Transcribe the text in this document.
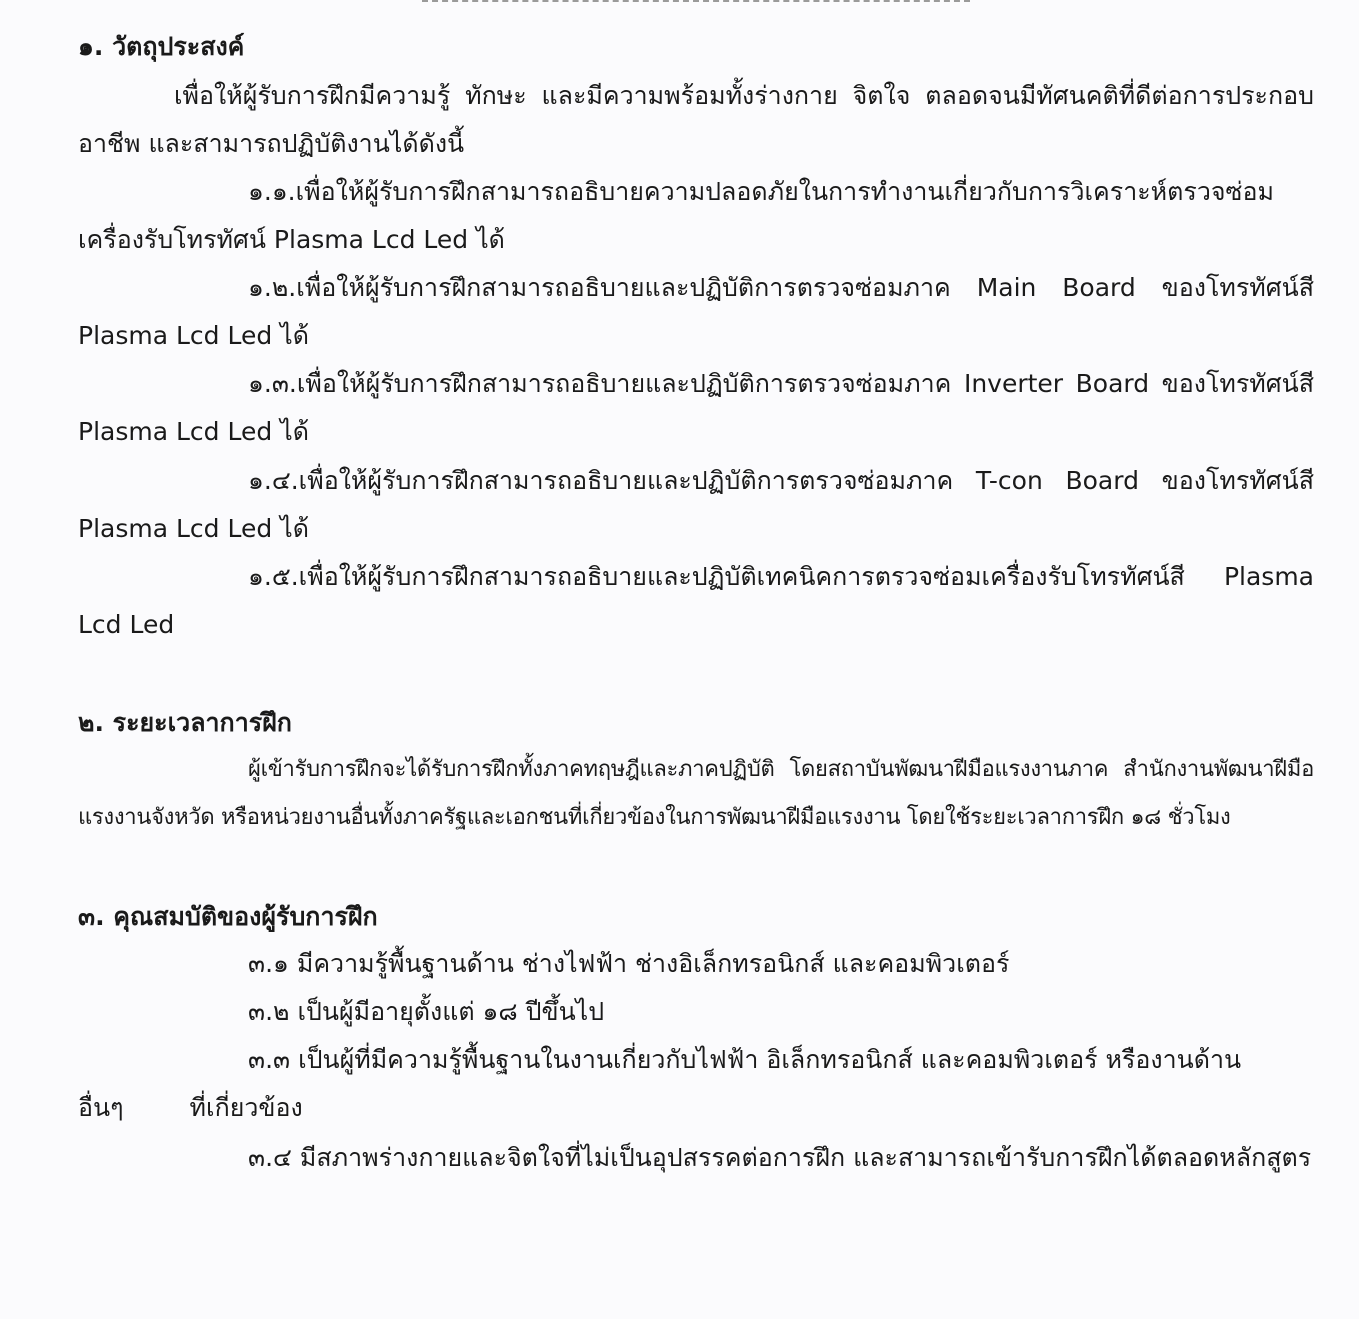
๑. วัตถุประสงค์
เพื่อให้ผู้รับการฝึกมีความรู้ ทักษะ และมีความพร้อมทั้งร่างกาย จิตใจ ตลอดจนมีทัศนคติที่ดีต่อการประกอบอาชีพ และสามารถปฏิบัติงานได้ดังนี้
๑.๑.เพื่อให้ผู้รับการฝึกสามารถอธิบายความปลอดภัยในการทำงานเกี่ยวกับการวิเคราะห์ตรวจซ่อมเครื่องรับโทรทัศน์ Plasma Lcd Led ได้
๑.๒.เพื่อให้ผู้รับการฝึกสามารถอธิบายและปฏิบัติการตรวจซ่อมภาค Main Board ของโทรทัศน์สี Plasma Lcd Led ได้
๑.๓.เพื่อให้ผู้รับการฝึกสามารถอธิบายและปฏิบัติการตรวจซ่อมภาค Inverter Board ของโทรทัศน์สี Plasma Lcd Led ได้
๑.๔.เพื่อให้ผู้รับการฝึกสามารถอธิบายและปฏิบัติการตรวจซ่อมภาค T-con Board ของโทรทัศน์สี Plasma Lcd Led ได้
๑.๕.เพื่อให้ผู้รับการฝึกสามารถอธิบายและปฏิบัติเทคนิคการตรวจซ่อมเครื่องรับโทรทัศน์สี Plasma Lcd Led
๒. ระยะเวลาการฝึก
ผู้เข้ารับการฝึกจะได้รับการฝึกทั้งภาคทฤษฎีและภาคปฏิบัติ โดยสถาบันพัฒนาฝีมือแรงงานภาค สำนักงานพัฒนาฝีมือแรงงานจังหวัด หรือหน่วยงานอื่นทั้งภาครัฐและเอกชนที่เกี่ยวข้องในการพัฒนาฝีมือแรงงาน โดยใช้ระยะเวลาการฝึก ๑๘ ชั่วโมง
๓. คุณสมบัติของผู้รับการฝึก
๓.๑ มีความรู้พื้นฐานด้าน ช่างไฟฟ้า ช่างอิเล็กทรอนิกส์ และคอมพิวเตอร์
๓.๒ เป็นผู้มีอายุตั้งแต่ ๑๘ ปีขึ้นไป
๓.๓ เป็นผู้ที่มีความรู้พื้นฐานในงานเกี่ยวกับไฟฟ้า อิเล็กทรอนิกส์ และคอมพิวเตอร์ หรืองานด้าน
อื่นๆ	ที่เกี่ยวข้อง
๓.๔ มีสภาพร่างกายและจิตใจที่ไม่เป็นอุปสรรคต่อการฝึก และสามารถเข้ารับการฝึกได้ตลอดหลักสูตร
